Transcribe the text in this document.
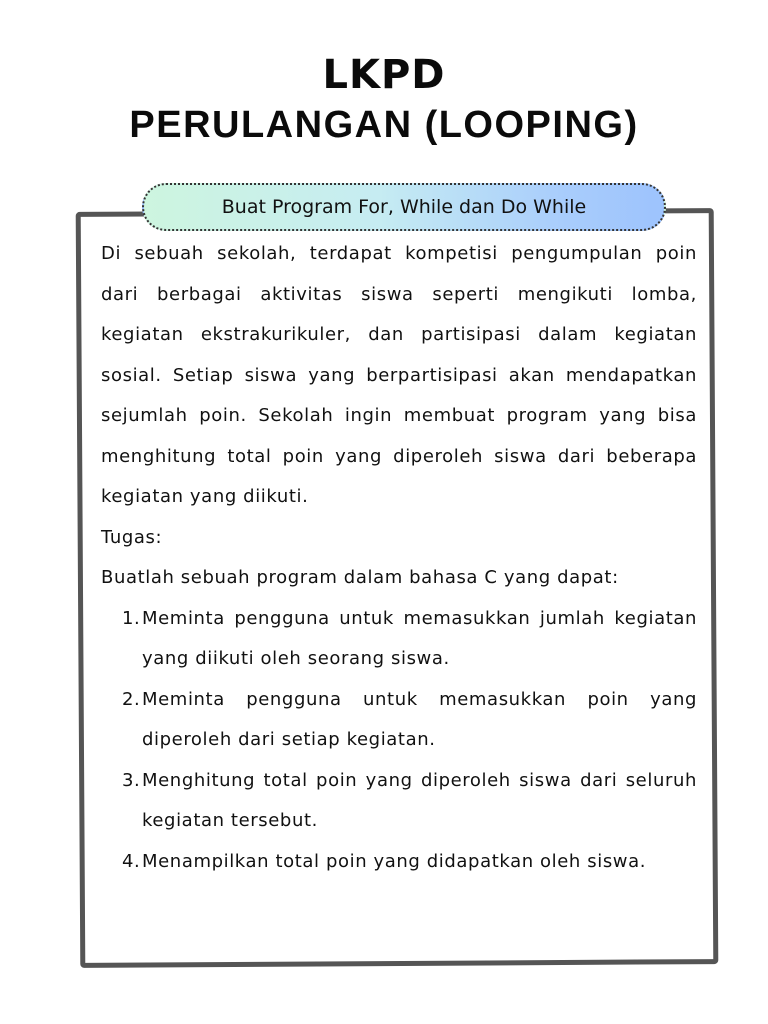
LKPD
PERULANGAN (LOOPING)
Buat Program For, While dan Do While

Di sebuah sekolah, terdapat kompetisi pengumpulan poin dari berbagai aktivitas siswa seperti mengikuti lomba, kegiatan ekstrakurikuler, dan partisipasi dalam kegiatan sosial. Setiap siswa yang berpartisipasi akan mendapatkan sejumlah poin. Sekolah ingin membuat program yang bisa menghitung total poin yang diperoleh siswa dari beberapa kegiatan yang diikuti.

Tugas:

Buatlah sebuah program dalam bahasa C yang dapat:

1. Meminta pengguna untuk memasukkan jumlah kegiatan yang diikuti oleh seorang siswa.
2. Meminta pengguna untuk memasukkan poin yang diperoleh dari setiap kegiatan.
3. Menghitung total poin yang diperoleh siswa dari seluruh kegiatan tersebut.
4. Menampilkan total poin yang didapatkan oleh siswa.
